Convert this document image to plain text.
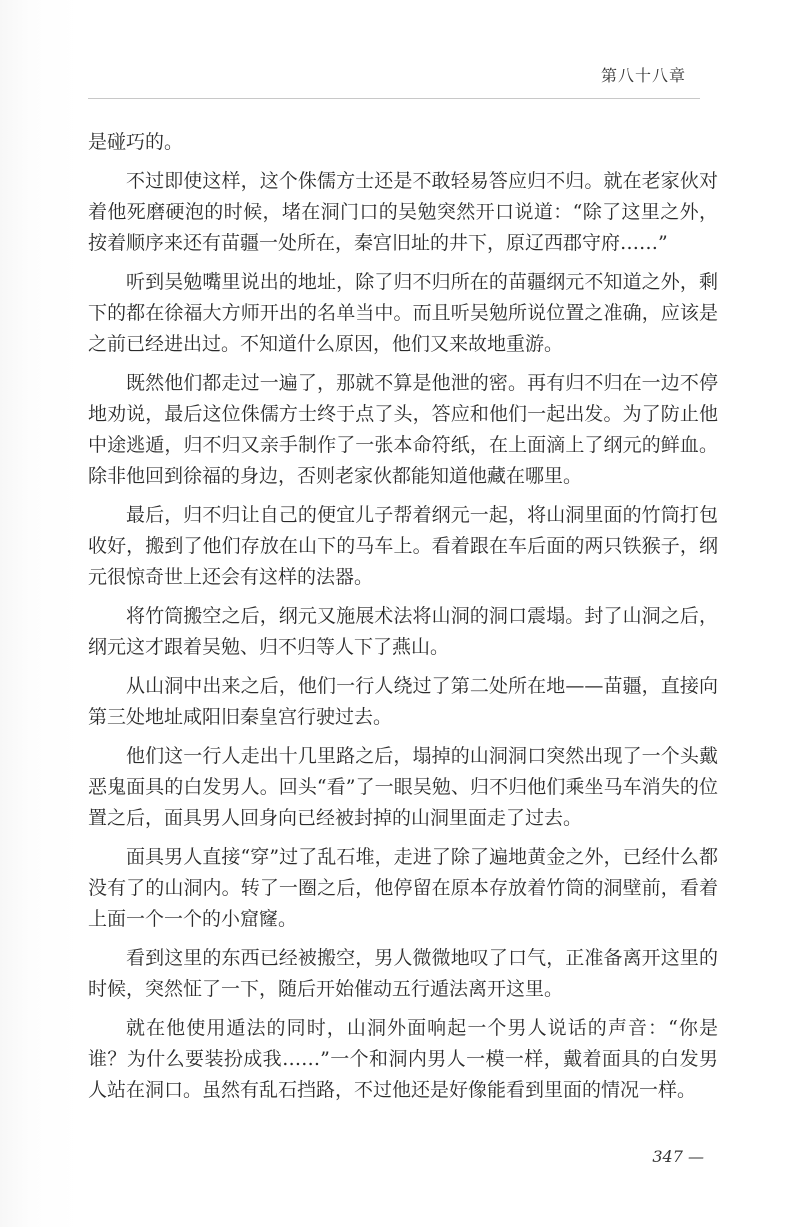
第八十八章

是碰巧的。

不过即使这样，这个侏儒方士还是不敢轻易答应归不归。就在老家伙对着他死磨硬泡的时候，堵在洞门口的吴勉突然开口说道：“除了这里之外，按着顺序来还有苗疆一处所在，秦宫旧址的井下，原辽西郡守府……”

听到吴勉嘴里说出的地址，除了归不归所在的苗疆纲元不知道之外，剩下的都在徐福大方师开出的名单当中。而且听吴勉所说位置之准确，应该是之前已经进出过。不知道什么原因，他们又来故地重游。

既然他们都走过一遍了，那就不算是他泄的密。再有归不归在一边不停地劝说，最后这位侏儒方士终于点了头，答应和他们一起出发。为了防止他中途逃遁，归不归又亲手制作了一张本命符纸，在上面滴上了纲元的鲜血。除非他回到徐福的身边，否则老家伙都能知道他藏在哪里。

最后，归不归让自己的便宜儿子帮着纲元一起，将山洞里面的竹筒打包收好，搬到了他们存放在山下的马车上。看着跟在车后面的两只铁猴子，纲元很惊奇世上还会有这样的法器。

将竹筒搬空之后，纲元又施展术法将山洞的洞口震塌。封了山洞之后，纲元这才跟着吴勉、归不归等人下了燕山。

从山洞中出来之后，他们一行人绕过了第二处所在地——苗疆，直接向第三处地址咸阳旧秦皇宫行驶过去。

他们这一行人走出十几里路之后，塌掉的山洞洞口突然出现了一个头戴恶鬼面具的白发男人。回头“看”了一眼吴勉、归不归他们乘坐马车消失的位置之后，面具男人回身向已经被封掉的山洞里面走了过去。

面具男人直接“穿”过了乱石堆，走进了除了遍地黄金之外，已经什么都没有了的山洞内。转了一圈之后，他停留在原本存放着竹筒的洞壁前，看着上面一个一个的小窟窿。

看到这里的东西已经被搬空，男人微微地叹了口气，正准备离开这里的时候，突然怔了一下，随后开始催动五行遁法离开这里。

就在他使用遁法的同时，山洞外面响起一个男人说话的声音：“你是谁？为什么要装扮成我……”一个和洞内男人一模一样，戴着面具的白发男人站在洞口。虽然有乱石挡路，不过他还是好像能看到里面的情况一样。

347 —
